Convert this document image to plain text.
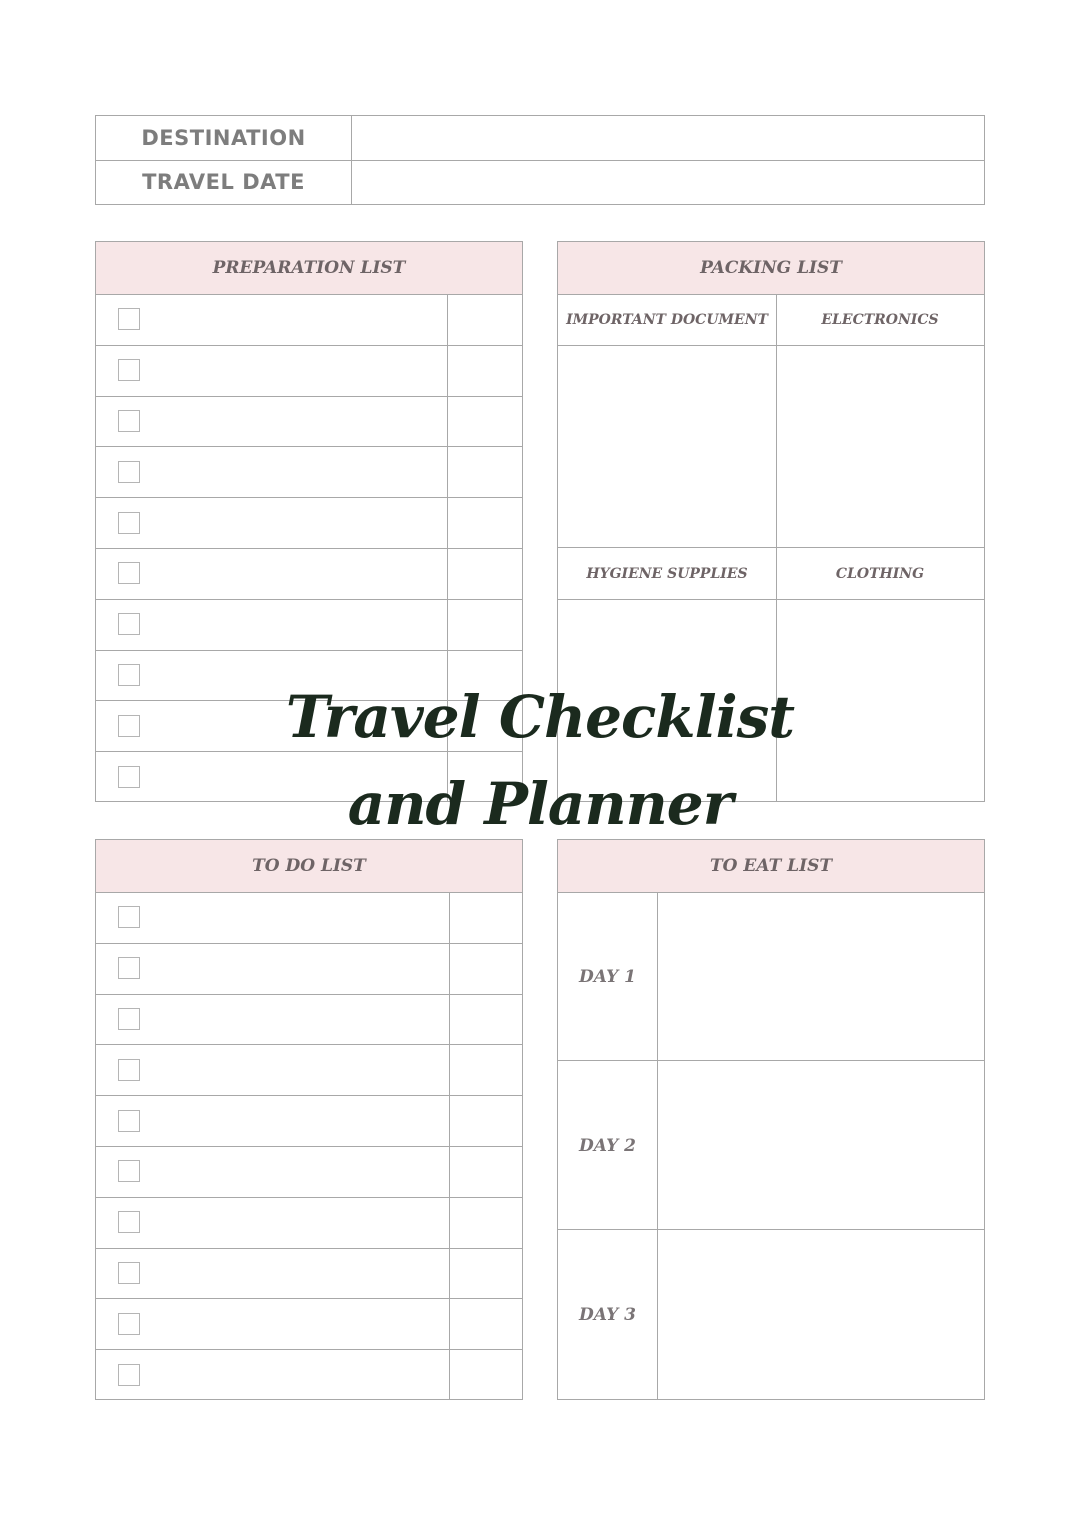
DESTINATION
TRAVEL DATE
PREPARATION LIST	PACKING LIST
IMPORTANT DOCUMENT	ELECTRONICS
HYGIENE SUPPLIES	CLOTHING
TO DO LIST	TO EAT LIST
DAY 1
DAY 2
DAY 3
Travel Checklist
and Planner
